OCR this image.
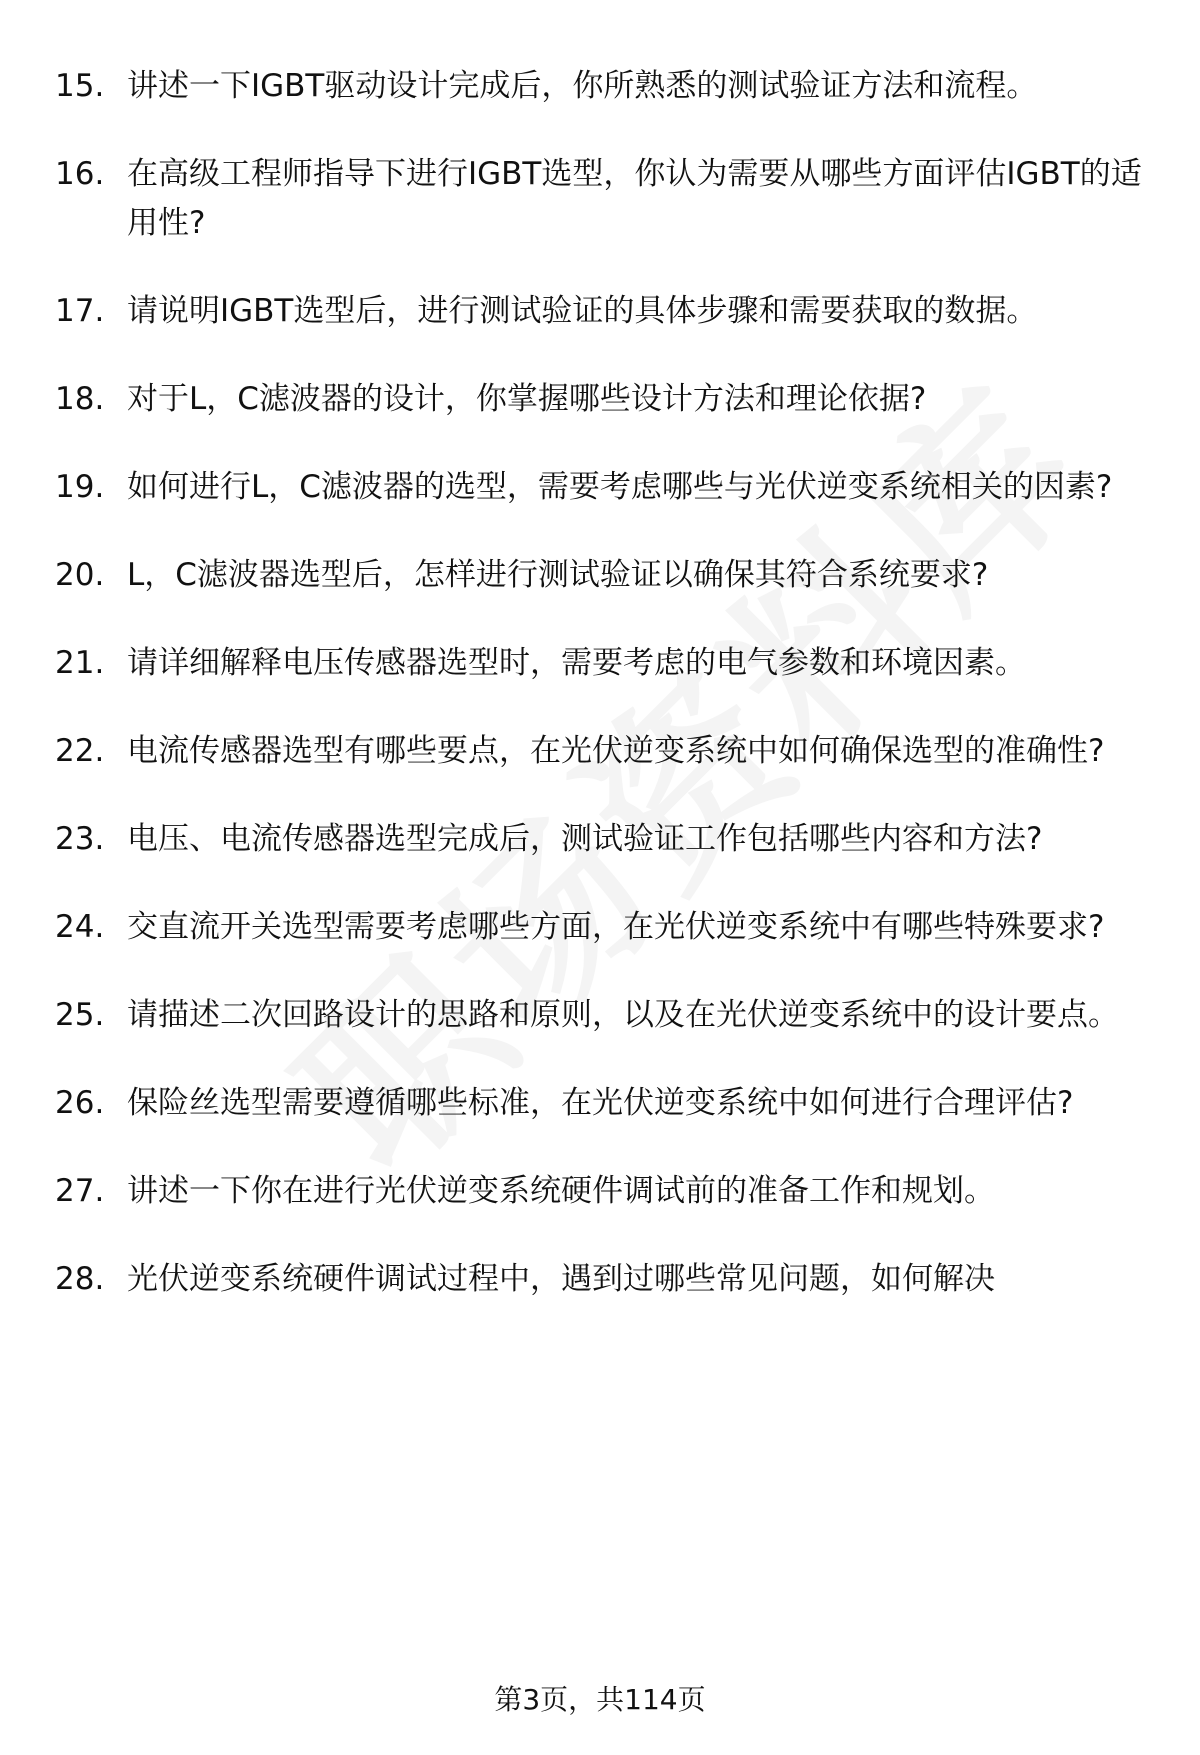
15. 讲述一下IGBT驱动设计完成后，你所熟悉的测试验证方法和流程。
16. 在高级工程师指导下进行IGBT选型，你认为需要从哪些方面评估IGBT的适用性?
17. 请说明IGBT选型后，进行测试验证的具体步骤和需要获取的数据。
18. 对于L，C滤波器的设计，你掌握哪些设计方法和理论依据?
19. 如何进行L，C滤波器的选型，需要考虑哪些与光伏逆变系统相关的因素?
20. L，C滤波器选型后，怎样进行测试验证以确保其符合系统要求?
21. 请详细解释电压传感器选型时，需要考虑的电气参数和环境因素。
22. 电流传感器选型有哪些要点，在光伏逆变系统中如何确保选型的准确性?
23. 电压、电流传感器选型完成后，测试验证工作包括哪些内容和方法?
24. 交直流开关选型需要考虑哪些方面，在光伏逆变系统中有哪些特殊要求?
25. 请描述二次回路设计的思路和原则，以及在光伏逆变系统中的设计要点。
26. 保险丝选型需要遵循哪些标准，在光伏逆变系统中如何进行合理评估?
27. 讲述一下你在进行光伏逆变系统硬件调试前的准备工作和规划。
28. 光伏逆变系统硬件调试过程中，遇到过哪些常见问题，如何解决
第3页，共114页
